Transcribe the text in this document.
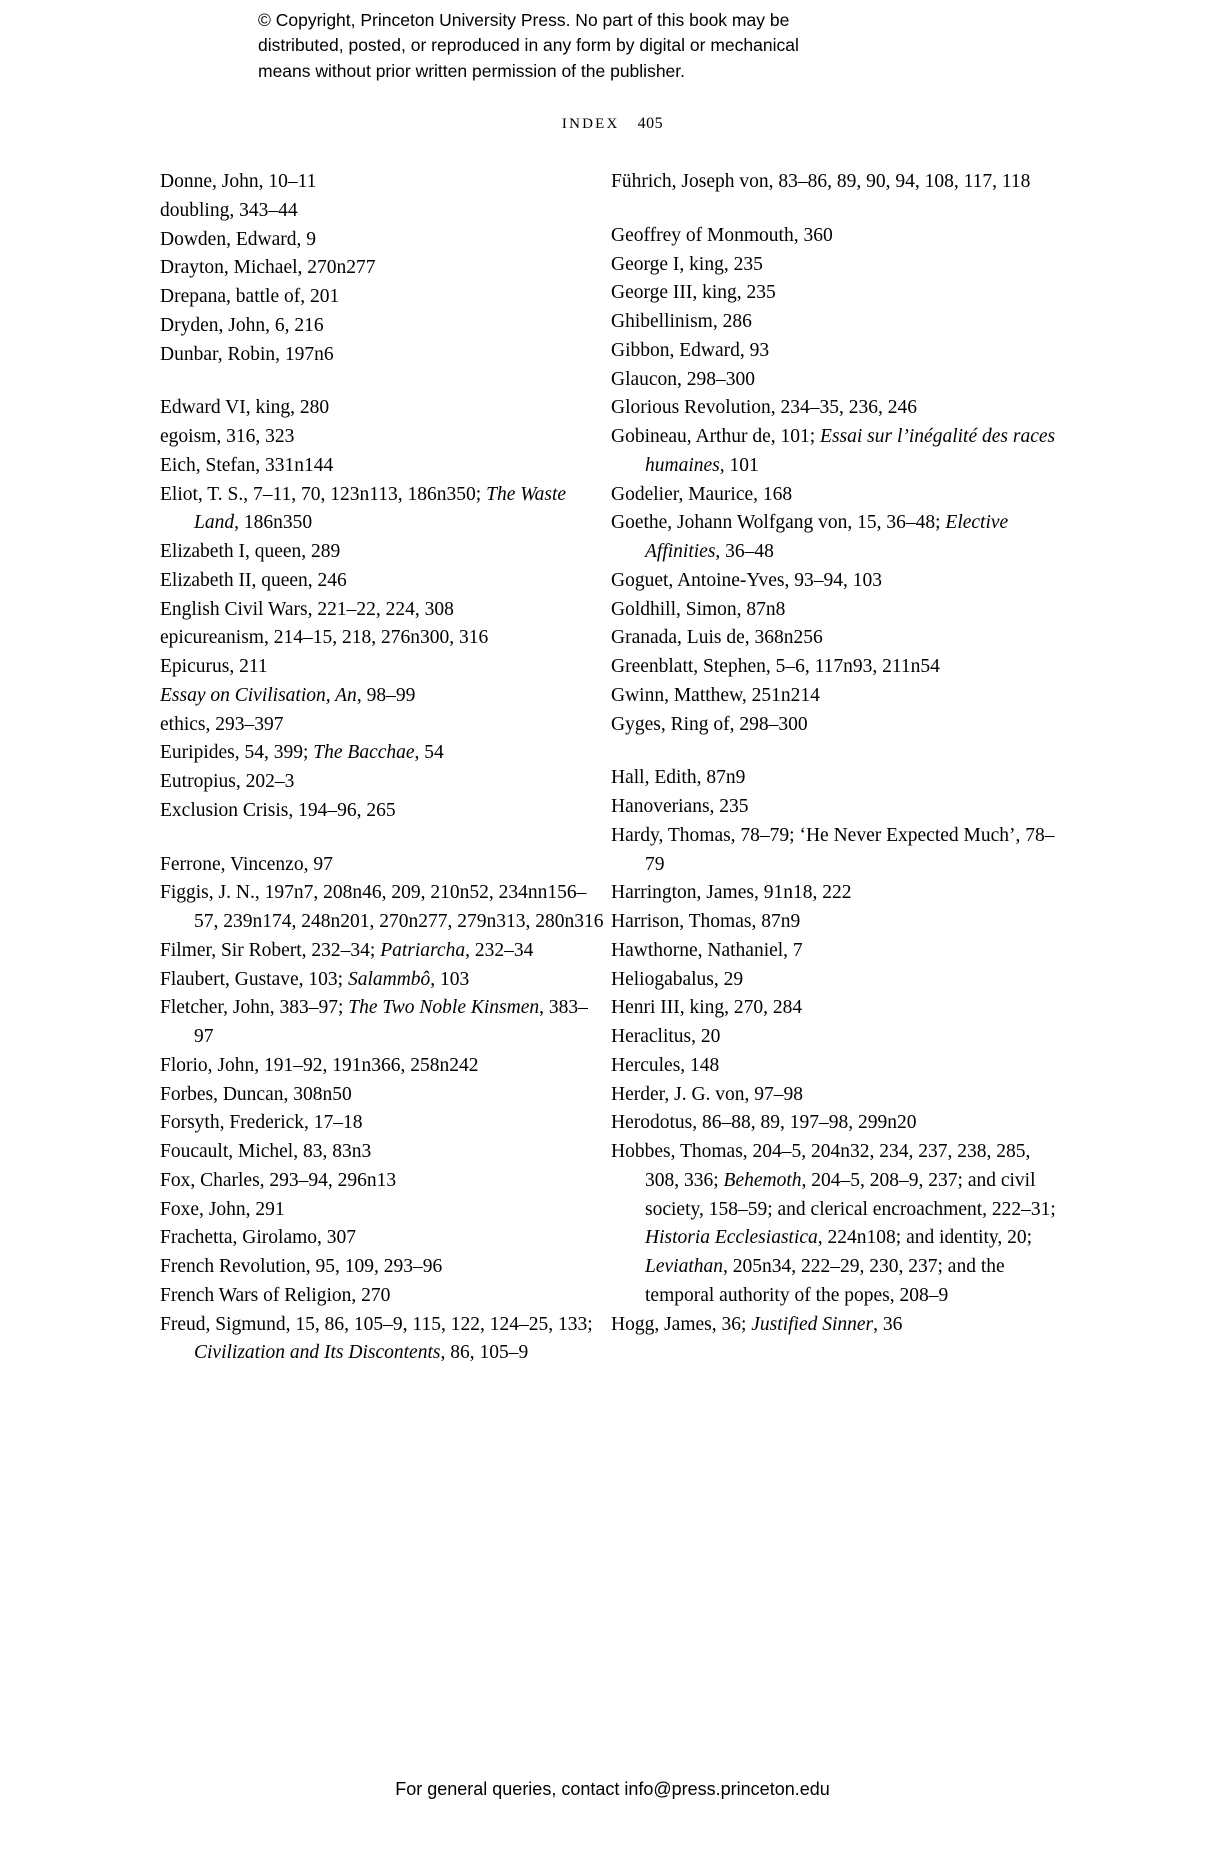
© Copyright, Princeton University Press. No part of this book may be
distributed, posted, or reproduced in any form by digital or mechanical
means without prior written permission of the publisher.
INDEX 405

Donne, John, 10–11

doubling, 343–44

Dowden, Edward, 9

Drayton, Michael, 270n277

Drepana, battle of, 201

Dryden, John, 6, 216

Dunbar, Robin, 197n6

Edward VI, king, 280

egoism, 316, 323

Eich, Stefan, 331n144

Eliot, T. S., 7–11, 70, 123n113, 186n350; The Waste Land, 186n350

Elizabeth I, queen, 289

Elizabeth II, queen, 246

English Civil Wars, 221–22, 224, 308

epicureanism, 214–15, 218, 276n300, 316

Epicurus, 211

Essay on Civilisation, An, 98–99

ethics, 293–397

Euripides, 54, 399; The Bacchae, 54

Eutropius, 202–3

Exclusion Crisis, 194–96, 265

Ferrone, Vincenzo, 97

Figgis, J. N., 197n7, 208n46, 209, 210n52, 234nn156–57, 239n174, 248n201, 270n277, 279n313, 280n316

Filmer, Sir Robert, 232–34; Patriarcha, 232–34

Flaubert, Gustave, 103; Salammbô, 103

Fletcher, John, 383–97; The Two Noble Kinsmen, 383–97

Florio, John, 191–92, 191n366, 258n242

Forbes, Duncan, 308n50

Forsyth, Frederick, 17–18

Foucault, Michel, 83, 83n3

Fox, Charles, 293–94, 296n13

Foxe, John, 291

Frachetta, Girolamo, 307

French Revolution, 95, 109, 293–96

French Wars of Religion, 270

Freud, Sigmund, 15, 86, 105–9, 115, 122, 124–25, 133; Civilization and Its Discontents, 86, 105–9

Führich, Joseph von, 83–86, 89, 90, 94, 108, 117, 118

Geoffrey of Monmouth, 360

George I, king, 235

George III, king, 235

Ghibellinism, 286

Gibbon, Edward, 93

Glaucon, 298–300

Glorious Revolution, 234–35, 236, 246

Gobineau, Arthur de, 101; Essai sur l’inégalité des races humaines, 101

Godelier, Maurice, 168

Goethe, Johann Wolfgang von, 15, 36–48; Elective Affinities, 36–48

Goguet, Antoine-Yves, 93–94, 103

Goldhill, Simon, 87n8

Granada, Luis de, 368n256

Greenblatt, Stephen, 5–6, 117n93, 211n54

Gwinn, Matthew, 251n214

Gyges, Ring of, 298–300

Hall, Edith, 87n9

Hanoverians, 235

Hardy, Thomas, 78–79; ‘He Never Expected Much’, 78–79

Harrington, James, 91n18, 222

Harrison, Thomas, 87n9

Hawthorne, Nathaniel, 7

Heliogabalus, 29

Henri III, king, 270, 284

Heraclitus, 20

Hercules, 148

Herder, J. G. von, 97–98

Herodotus, 86–88, 89, 197–98, 299n20

Hobbes, Thomas, 204–5, 204n32, 234, 237, 238, 285, 308, 336; Behemoth, 204–5, 208–9, 237; and civil society, 158–59; and clerical encroachment, 222–31; Historia Ecclesiastica, 224n108; and identity, 20; Leviathan, 205n34, 222–29, 230, 237; and the temporal authority of the popes, 208–9

Hogg, James, 36; Justified Sinner, 36

For general queries, contact info@press.princeton.edu
